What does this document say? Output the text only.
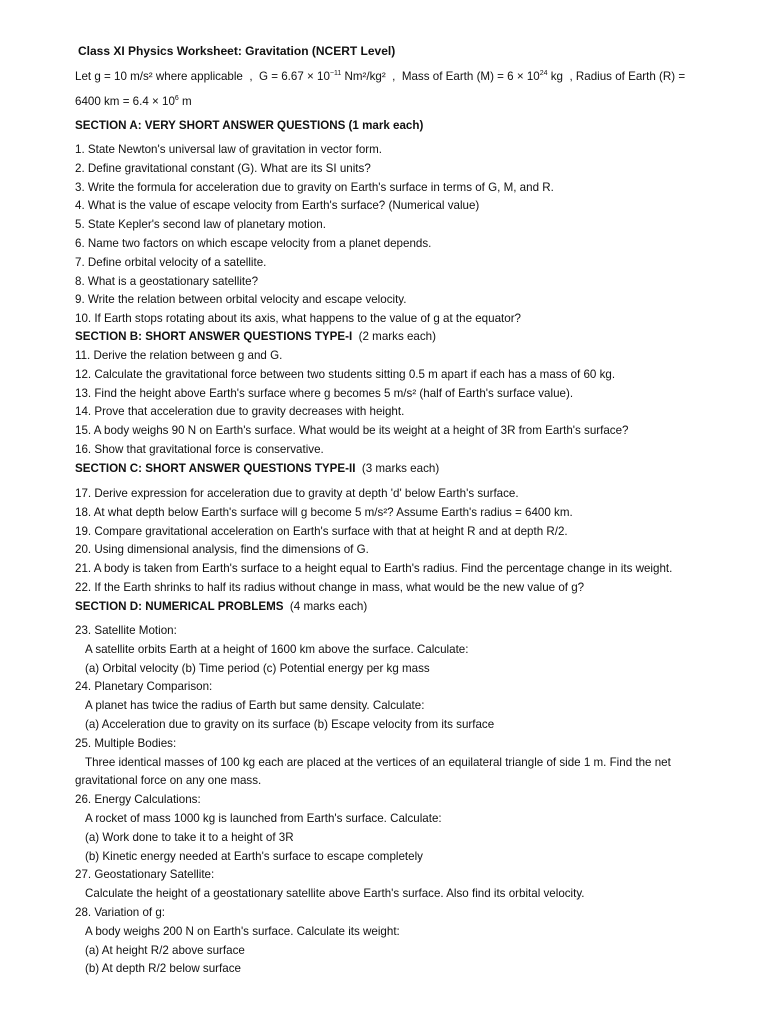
Class XI Physics Worksheet: Gravitation (NCERT Level)
Let g = 10 m/s² where applicable  ,  $G = 6.67 \times 10^{-11}$ Nm²/kg²  ,  Mass of Earth $(M) = 6 \times 10^{24}$ kg  , Radius of Earth (R) =
6400 km = $6.4 \times 10^6$ m
SECTION A: VERY SHORT ANSWER QUESTIONS (1 mark each)
1. State Newton's universal law of gravitation in vector form.
2. Define gravitational constant (G). What are its SI units?
3. Write the formula for acceleration due to gravity on Earth's surface in terms of G, M, and R.
4. What is the value of escape velocity from Earth's surface? (Numerical value)
5. State Kepler's second law of planetary motion.
6. Name two factors on which escape velocity from a planet depends.
7. Define orbital velocity of a satellite.
8. What is a geostationary satellite?
9. Write the relation between orbital velocity and escape velocity.
10. If Earth stops rotating about its axis, what happens to the value of g at the equator?
SECTION B: SHORT ANSWER QUESTIONS TYPE-I  (2 marks each)
11. Derive the relation between g and G.
12. Calculate the gravitational force between two students sitting 0.5 m apart if each has a mass of 60 kg.
13. Find the height above Earth's surface where g becomes 5 m/s² (half of Earth's surface value).
14. Prove that acceleration due to gravity decreases with height.
15. A body weighs 90 N on Earth's surface. What would be its weight at a height of 3R from Earth's surface?
16. Show that gravitational force is conservative.
SECTION C: SHORT ANSWER QUESTIONS TYPE-II  (3 marks each)
17. Derive expression for acceleration due to gravity at depth 'd' below Earth's surface.
18. At what depth below Earth's surface will g become 5 m/s²? Assume Earth's radius = 6400 km.
19. Compare gravitational acceleration on Earth's surface with that at height R and at depth R/2.
20. Using dimensional analysis, find the dimensions of G.
21. A body is taken from Earth's surface to a height equal to Earth's radius. Find the percentage change in its weight.
22. If the Earth shrinks to half its radius without change in mass, what would be the new value of g?
SECTION D: NUMERICAL PROBLEMS  (4 marks each)
23. Satellite Motion:
A satellite orbits Earth at a height of 1600 km above the surface. Calculate:
(a) Orbital velocity (b) Time period (c) Potential energy per kg mass
24. Planetary Comparison:
A planet has twice the radius of Earth but same density. Calculate:
(a) Acceleration due to gravity on its surface (b) Escape velocity from its surface
25. Multiple Bodies:
Three identical masses of 100 kg each are placed at the vertices of an equilateral triangle of side 1 m. Find the net
gravitational force on any one mass.
26. Energy Calculations:
A rocket of mass 1000 kg is launched from Earth's surface. Calculate:
(a) Work done to take it to a height of 3R
(b) Kinetic energy needed at Earth's surface to escape completely
27. Geostationary Satellite:
Calculate the height of a geostationary satellite above Earth's surface. Also find its orbital velocity.
28. Variation of g:
A body weighs 200 N on Earth's surface. Calculate its weight:
(a) At height R/2 above surface
(b) At depth R/2 below surface
